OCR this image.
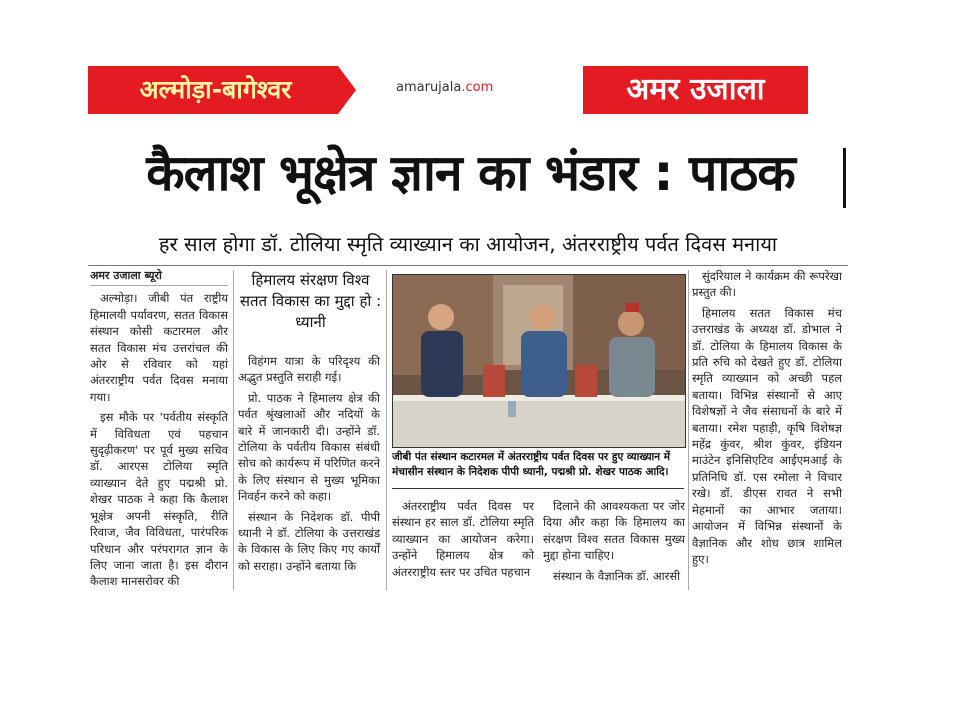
अल्मोड़ा-बागेश्वर	amarujala.com	अमर उजाला
कैलाश भूक्षेत्र ज्ञान का भंडार : पाठक
हर साल होगा डॉ. टोलिया स्मृति व्याख्यान का आयोजन, अंतरराष्ट्रीय पर्वत दिवस मनाया

अमर उजाला ब्यूरो

अल्मोड़ा। जीबी पंत राष्ट्रीय हिमालयी पर्यावरण, सतत विकास संस्थान कोसी कटारमल और सतत विकास मंच उत्तरांचल की ओर से रविवार को यहां अंतरराष्ट्रीय पर्वत दिवस मनाया गया।

इस मौके पर 'पर्वतीय संस्कृति में विविधता एवं पहचान सुदृढ़ीकरण' पर पूर्व मुख्य सचिव डॉ. आरएस टोलिया स्मृति व्याख्यान देते हुए पद्मश्री प्रो. शेखर पाठक ने कहा कि कैलाश भूक्षेत्र अपनी संस्कृति, रीति रिवाज, जैव विविधता, पारंपरिक परिधान और परंपरागत ज्ञान के लिए जाना जाता है। इस दौरान कैलाश मानसरोवर की

हिमालय संरक्षण विश्व सतत विकास का मुद्दा हो : ध्यानी

विहंगम यात्रा के परिदृश्य की अद्भुत प्रस्तुति सराही गई।

प्रो. पाठक ने हिमालय क्षेत्र की पर्वत श्रृंखलाओं और नदियों के बारे में जानकारी दी। उन्होंने डॉ. टोलिया के पर्वतीय विकास संबंधी सोच को कार्यरूप में परिणित करने के लिए संस्थान से मुख्य भूमिका निवर्हन करने को कहा।

संस्थान के निदेशक डॉ. पीपी ध्यानी ने डॉ. टोलिया के उत्तराखंड के विकास के लिए किए गए कार्यों को सराहा। उन्होंने बताया कि

जीबी पंत संस्थान कटारमल में अंतरराष्ट्रीय पर्वत दिवस पर हुए व्याख्यान में मंचासीन संस्थान के निदेशक पीपी ध्यानी, पद्मश्री प्रो. शेखर पाठक आदि।

अंतरराष्ट्रीय पर्वत दिवस पर संस्थान हर साल डॉ. टोलिया स्मृति व्याख्यान का आयोजन करेगा। उन्होंने हिमालय क्षेत्र को अंतरराष्ट्रीय स्तर पर उचित पहचान

दिलाने की आवश्यकता पर जोर दिया और कहा कि हिमालय का संरक्षण विश्व सतत विकास मुख्य मुद्दा होना चाहिए।

संस्थान के वैज्ञानिक डॉ. आरसी

सुंदरियाल ने कार्यक्रम की रूपरेखा प्रस्तुत की।

हिमालय सतत विकास मंच उत्तराखंड के अध्यक्ष डॉ. डोभाल ने डॉ. टोलिया के हिमालय विकास के प्रति रुचि को देखते हुए डॉ. टोलिया स्मृति व्याख्यान को अच्छी पहल बताया। विभिन्न संस्थानों से आए विशेषज्ञों ने जैव संसाधनों के बारे में बताया। रमेश पहाड़ी, कृषि विशेषज्ञ महेंद्र कुंवर, श्रीश कुंवर, इंडियन माउंटेन इनिसिएटिव आईएमआई के प्रतिनिधि डॉ. एस रमोला ने विचार रखे। डॉ. डीएस रावत ने सभी मेहमानों का आभार जताया। आयोजन में विभिन्न संस्थानों के वैज्ञानिक और शोध छात्र शामिल हुए।
